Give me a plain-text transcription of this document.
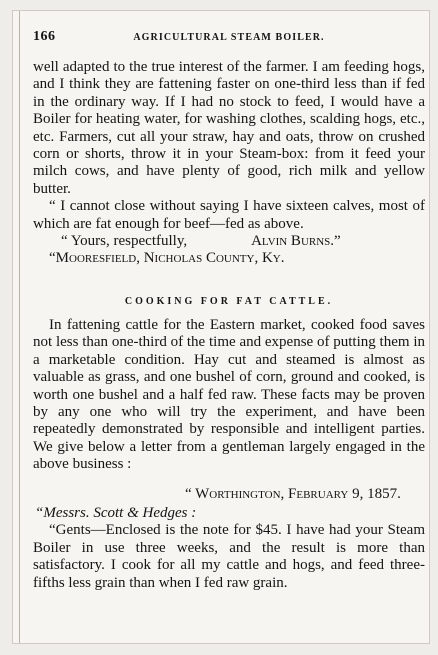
166	AGRICULTURAL STEAM BOILER.

well adapted to the true interest of the farmer. I am feeding hogs, and I think they are fattening faster on one-third less than if fed in the ordinary way. If I had no stock to feed, I would have a Boiler for heating water, for washing clothes, scalding hogs, etc., etc. Farmers, cut all your straw, hay and oats, throw on crushed corn or shorts, throw it in your Steam-box: from it feed your milch cows, and have plenty of good, rich milk and yellow butter.

“ I cannot close without saying I have sixteen calves, most of which are fat enough for beef—fed as above.

“ Yours, respectfully,	Alvin Burns.”
“Mooresfield, Nicholas County, Ky.
COOKING FOR FAT CATTLE.

In fattening cattle for the Eastern market, cooked food saves not less than one-third of the time and expense of putting them in a marketable condition. Hay cut and steamed is almost as valuable as grass, and one bushel of corn, ground and cooked, is worth one bushel and a half fed raw. These facts may be proven by any one who will try the experiment, and have been repeatedly demonstrated by responsible and intelligent parties. We give below a letter from a gentleman largely engaged in the above business :

“ Worthington, February 9, 1857.
“Messrs. Scott & Hedges :

“Gents—Enclosed is the note for $45. I have had your Steam Boiler in use three weeks, and the result is more than satisfactory. I cook for all my cattle and hogs, and feed three-fifths less grain than when I fed raw grain.
